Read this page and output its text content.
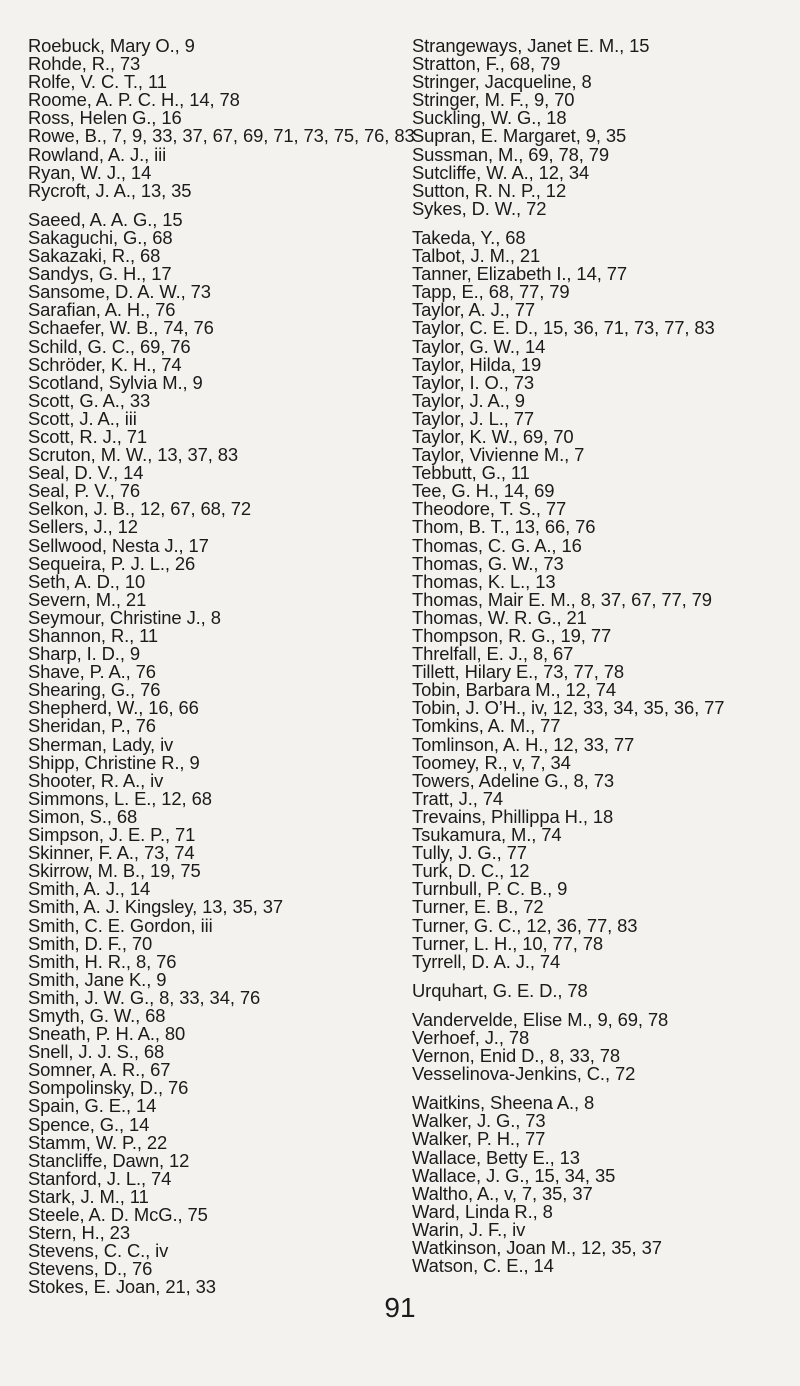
Roebuck, Mary O., 9
Rohde, R., 73
Rolfe, V. C. T., 11
Roome, A. P. C. H., 14, 78
Ross, Helen G., 16
Rowe, B., 7, 9, 33, 37, 67, 69, 71, 73, 75, 76, 83
Rowland, A. J., iii
Ryan, W. J., 14
Rycroft, J. A., 13, 35
Saeed, A. A. G., 15
Sakaguchi, G., 68
Sakazaki, R., 68
Sandys, G. H., 17
Sansome, D. A. W., 73
Sarafian, A. H., 76
Schaefer, W. B., 74, 76
Schild, G. C., 69, 76
Schröder, K. H., 74
Scotland, Sylvia M., 9
Scott, G. A., 33
Scott, J. A., iii
Scott, R. J., 71
Scruton, M. W., 13, 37, 83
Seal, D. V., 14
Seal, P. V., 76
Selkon, J. B., 12, 67, 68, 72
Sellers, J., 12
Sellwood, Nesta J., 17
Sequeira, P. J. L., 26
Seth, A. D., 10
Severn, M., 21
Seymour, Christine J., 8
Shannon, R., 11
Sharp, I. D., 9
Shave, P. A., 76
Shearing, G., 76
Shepherd, W., 16, 66
Sheridan, P., 76
Sherman, Lady, iv
Shipp, Christine R., 9
Shooter, R. A., iv
Simmons, L. E., 12, 68
Simon, S., 68
Simpson, J. E. P., 71
Skinner, F. A., 73, 74
Skirrow, M. B., 19, 75
Smith, A. J., 14
Smith, A. J. Kingsley, 13, 35, 37
Smith, C. E. Gordon, iii
Smith, D. F., 70
Smith, H. R., 8, 76
Smith, Jane K., 9
Smith, J. W. G., 8, 33, 34, 76
Smyth, G. W., 68
Sneath, P. H. A., 80
Snell, J. J. S., 68
Somner, A. R., 67
Sompolinsky, D., 76
Spain, G. E., 14
Spence, G., 14
Stamm, W. P., 22
Stancliffe, Dawn, 12
Stanford, J. L., 74
Stark, J. M., 11
Steele, A. D. McG., 75
Stern, H., 23
Stevens, C. C., iv
Stevens, D., 76
Stokes, E. Joan, 21, 33
Strangeways, Janet E. M., 15
Stratton, F., 68, 79
Stringer, Jacqueline, 8
Stringer, M. F., 9, 70
Suckling, W. G., 18
Supran, E. Margaret, 9, 35
Sussman, M., 69, 78, 79
Sutcliffe, W. A., 12, 34
Sutton, R. N. P., 12
Sykes, D. W., 72
Takeda, Y., 68
Talbot, J. M., 21
Tanner, Elizabeth I., 14, 77
Tapp, E., 68, 77, 79
Taylor, A. J., 77
Taylor, C. E. D., 15, 36, 71, 73, 77, 83
Taylor, G. W., 14
Taylor, Hilda, 19
Taylor, I. O., 73
Taylor, J. A., 9
Taylor, J. L., 77
Taylor, K. W., 69, 70
Taylor, Vivienne M., 7
Tebbutt, G., 11
Tee, G. H., 14, 69
Theodore, T. S., 77
Thom, B. T., 13, 66, 76
Thomas, C. G. A., 16
Thomas, G. W., 73
Thomas, K. L., 13
Thomas, Mair E. M., 8, 37, 67, 77, 79
Thomas, W. R. G., 21
Thompson, R. G., 19, 77
Threlfall, E. J., 8, 67
Tillett, Hilary E., 73, 77, 78
Tobin, Barbara M., 12, 74
Tobin, J. O’H., iv, 12, 33, 34, 35, 36, 77
Tomkins, A. M., 77
Tomlinson, A. H., 12, 33, 77
Toomey, R., v, 7, 34
Towers, Adeline G., 8, 73
Tratt, J., 74
Trevains, Phillippa H., 18
Tsukamura, M., 74
Tully, J. G., 77
Turk, D. C., 12
Turnbull, P. C. B., 9
Turner, E. B., 72
Turner, G. C., 12, 36, 77, 83
Turner, L. H., 10, 77, 78
Tyrrell, D. A. J., 74
Urquhart, G. E. D., 78
Vandervelde, Elise M., 9, 69, 78
Verhoef, J., 78
Vernon, Enid D., 8, 33, 78
Vesselinova-Jenkins, C., 72
Waitkins, Sheena A., 8
Walker, J. G., 73
Walker, P. H., 77
Wallace, Betty E., 13
Wallace, J. G., 15, 34, 35
Waltho, A., v, 7, 35, 37
Ward, Linda R., 8
Warin, J. F., iv
Watkinson, Joan M., 12, 35, 37
Watson, C. E., 14
91
